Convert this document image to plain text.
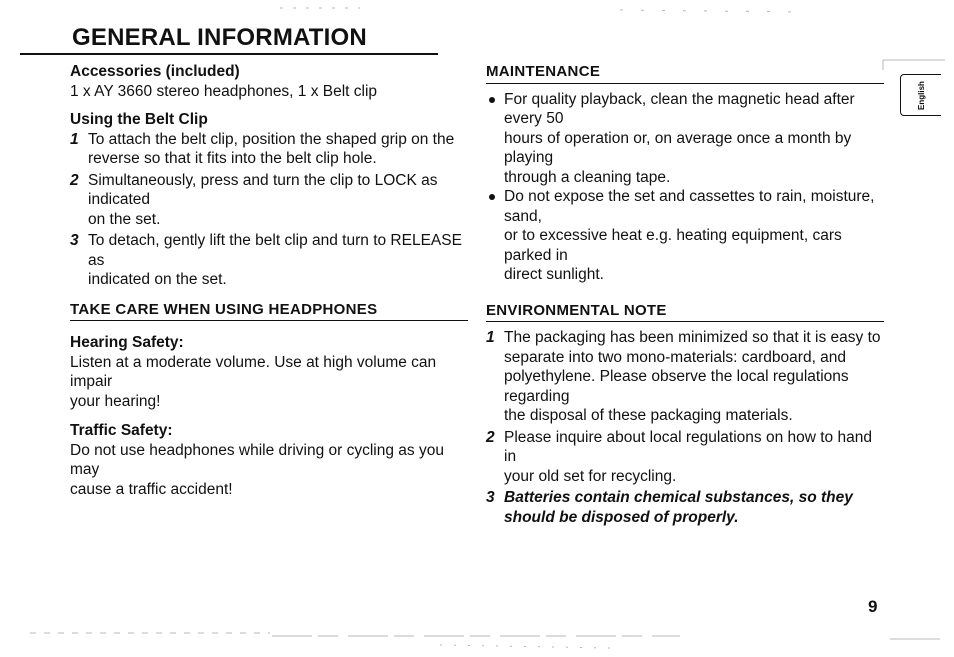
GENERAL INFORMATION

Accessories (included)

1 x AY 3660 stereo headphones, 1 x Belt clip

Using the Belt Clip

1 To attach the belt clip, position the shaped grip on the
reverse so that it fits into the belt clip hole.
2 Simultaneously, press and turn the clip to LOCK as indicated
on the set.
3 To detach, gently lift the belt clip and turn to RELEASE as
indicated on the set.

TAKE CARE WHEN USING HEADPHONES

Hearing Safety:

Listen at a moderate volume. Use at high volume can impair

your hearing!

Traffic Safety:

Do not use headphones while driving or cycling as you may

cause a traffic accident!

MAINTENANCE

For quality playback, clean the magnetic head after every 50
hours of operation or, on average once a month by playing
through a cleaning tape.
Do not expose the set and cassettes to rain, moisture, sand,
or to excessive heat e.g. heating equipment, cars parked in
direct sunlight.

ENVIRONMENTAL NOTE

1 The packaging has been minimized so that it is easy to
separate into two mono-materials: cardboard, and
polyethylene. Please observe the local regulations regarding
the disposal of these packaging materials.
2 Please inquire about local regulations on how to hand in
your old set for recycling.
3 Batteries contain chemical substances, so they
should be disposed of properly.
English
9
